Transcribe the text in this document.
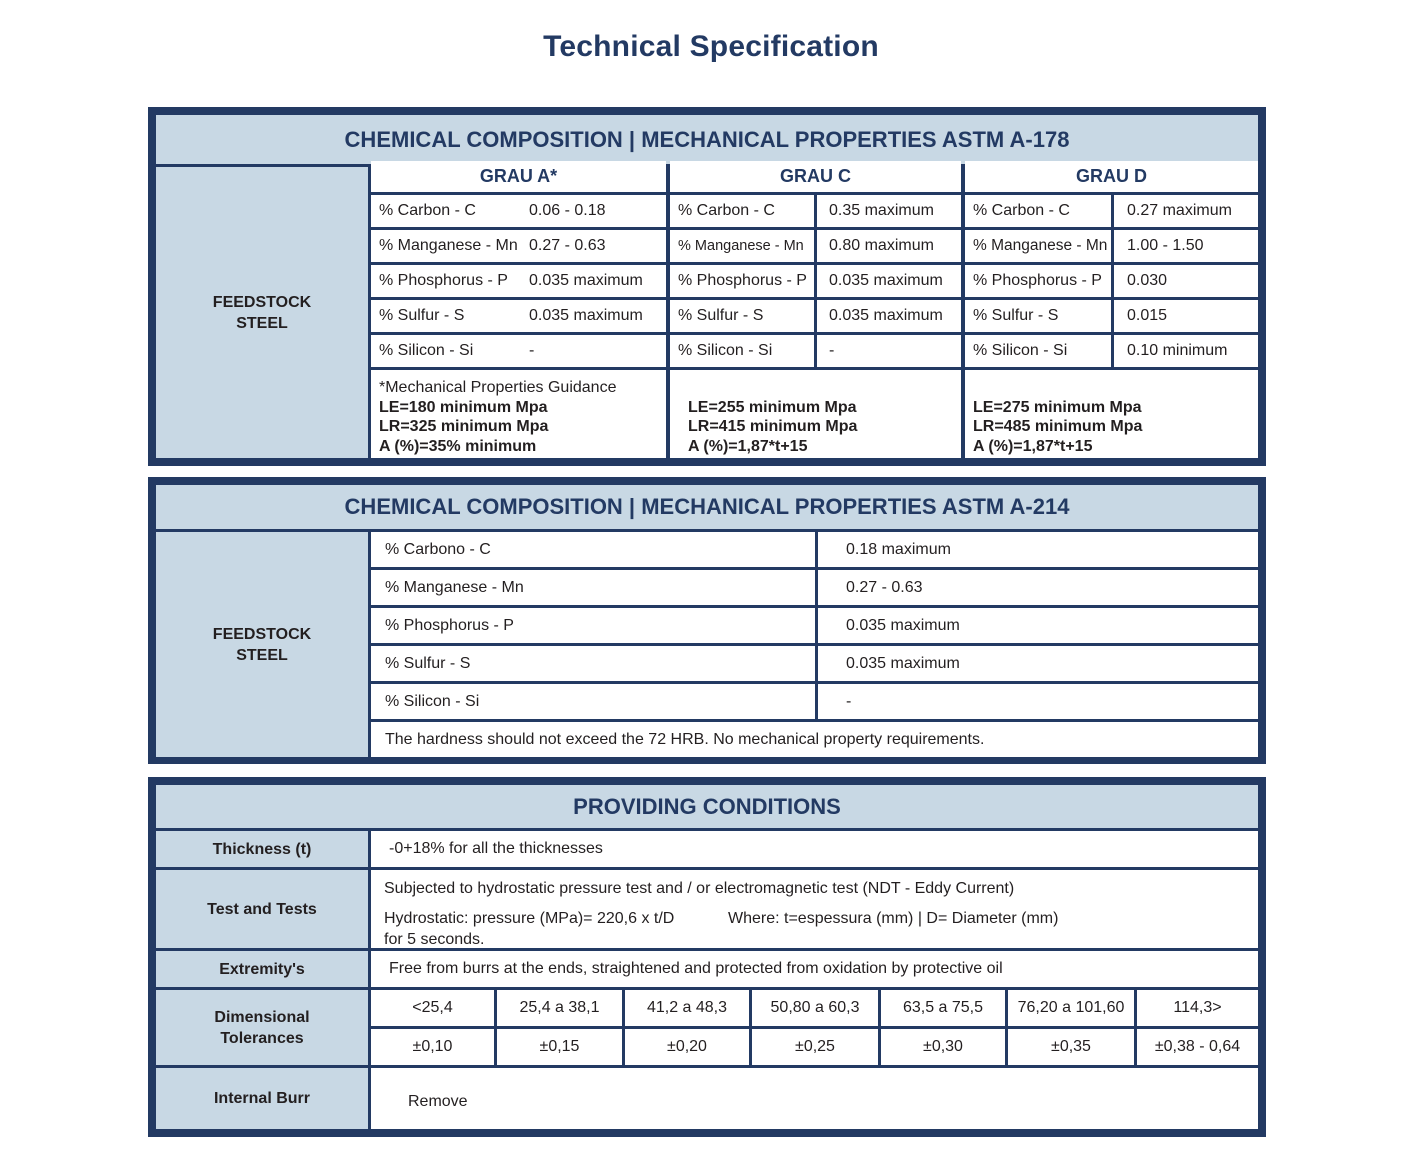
Technical Specification
CHEMICAL COMPOSITION | MECHANICAL PROPERTIES ASTM A-178
FEEDSTOCK
STEEL
GRAU A*
% Carbon - C	0.06 - 0.18
% Manganese - Mn 0.27 - 0.63
% Phosphorus - P	0.035 maximum
% Sulfur - S	0.035 maximum
% Silicon - Si	-
*Mechanical Properties Guidance
LE=180 minimum Mpa
LR=325 minimum Mpa
A (%)=35% minimum
GRAU C
% Carbon - C	0.35 maximum
% Manganese - Mn	0.80 maximum
% Phosphorus - P	0.035 maximum
% Sulfur - S	0.035 maximum
% Silicon - Si	-
LE=255 minimum Mpa
LR=415 minimum Mpa
A (%)=1,87*t+15
GRAU D
% Carbon - C	0.27 maximum
% Manganese - Mn	1.00 - 1.50
% Phosphorus - P	0.030
% Sulfur - S	0.015
% Silicon - Si	0.10 minimum
LE=275 minimum Mpa
LR=485 minimum Mpa
A (%)=1,87*t+15
CHEMICAL COMPOSITION | MECHANICAL PROPERTIES ASTM A-214
FEEDSTOCK
STEEL
% Carbono - C	0.18 maximum
% Manganese - Mn	0.27 - 0.63
% Phosphorus - P	0.035 maximum
% Sulfur - S	0.035 maximum
% Silicon - Si	-
The hardness should not exceed the 72 HRB. No mechanical property requirements.
PROVIDING CONDITIONS
Thickness (t)	-0+18% for all the thicknesses
Test and Tests
Subjected to hydrostatic pressure test and / or electromagnetic test (NDT - Eddy Current)
Hydrostatic: pressure (MPa)= 220,6 x t/D	Where: t=espessura (mm) | D= Diameter (mm)
for 5 seconds.
Extremity's	Free from burrs at the ends, straightened and protected from oxidation by protective oil
Dimensional
Tolerances
<25,4	25,4 a 38,1	41,2 a 48,3	50,80 a 60,3	63,5 a 75,5	76,20 a 101,60	114,3>
±0,10	±0,15	±0,20	±0,25	±0,30	±0,35	±0,38 - 0,64
Internal Burr	Remove
